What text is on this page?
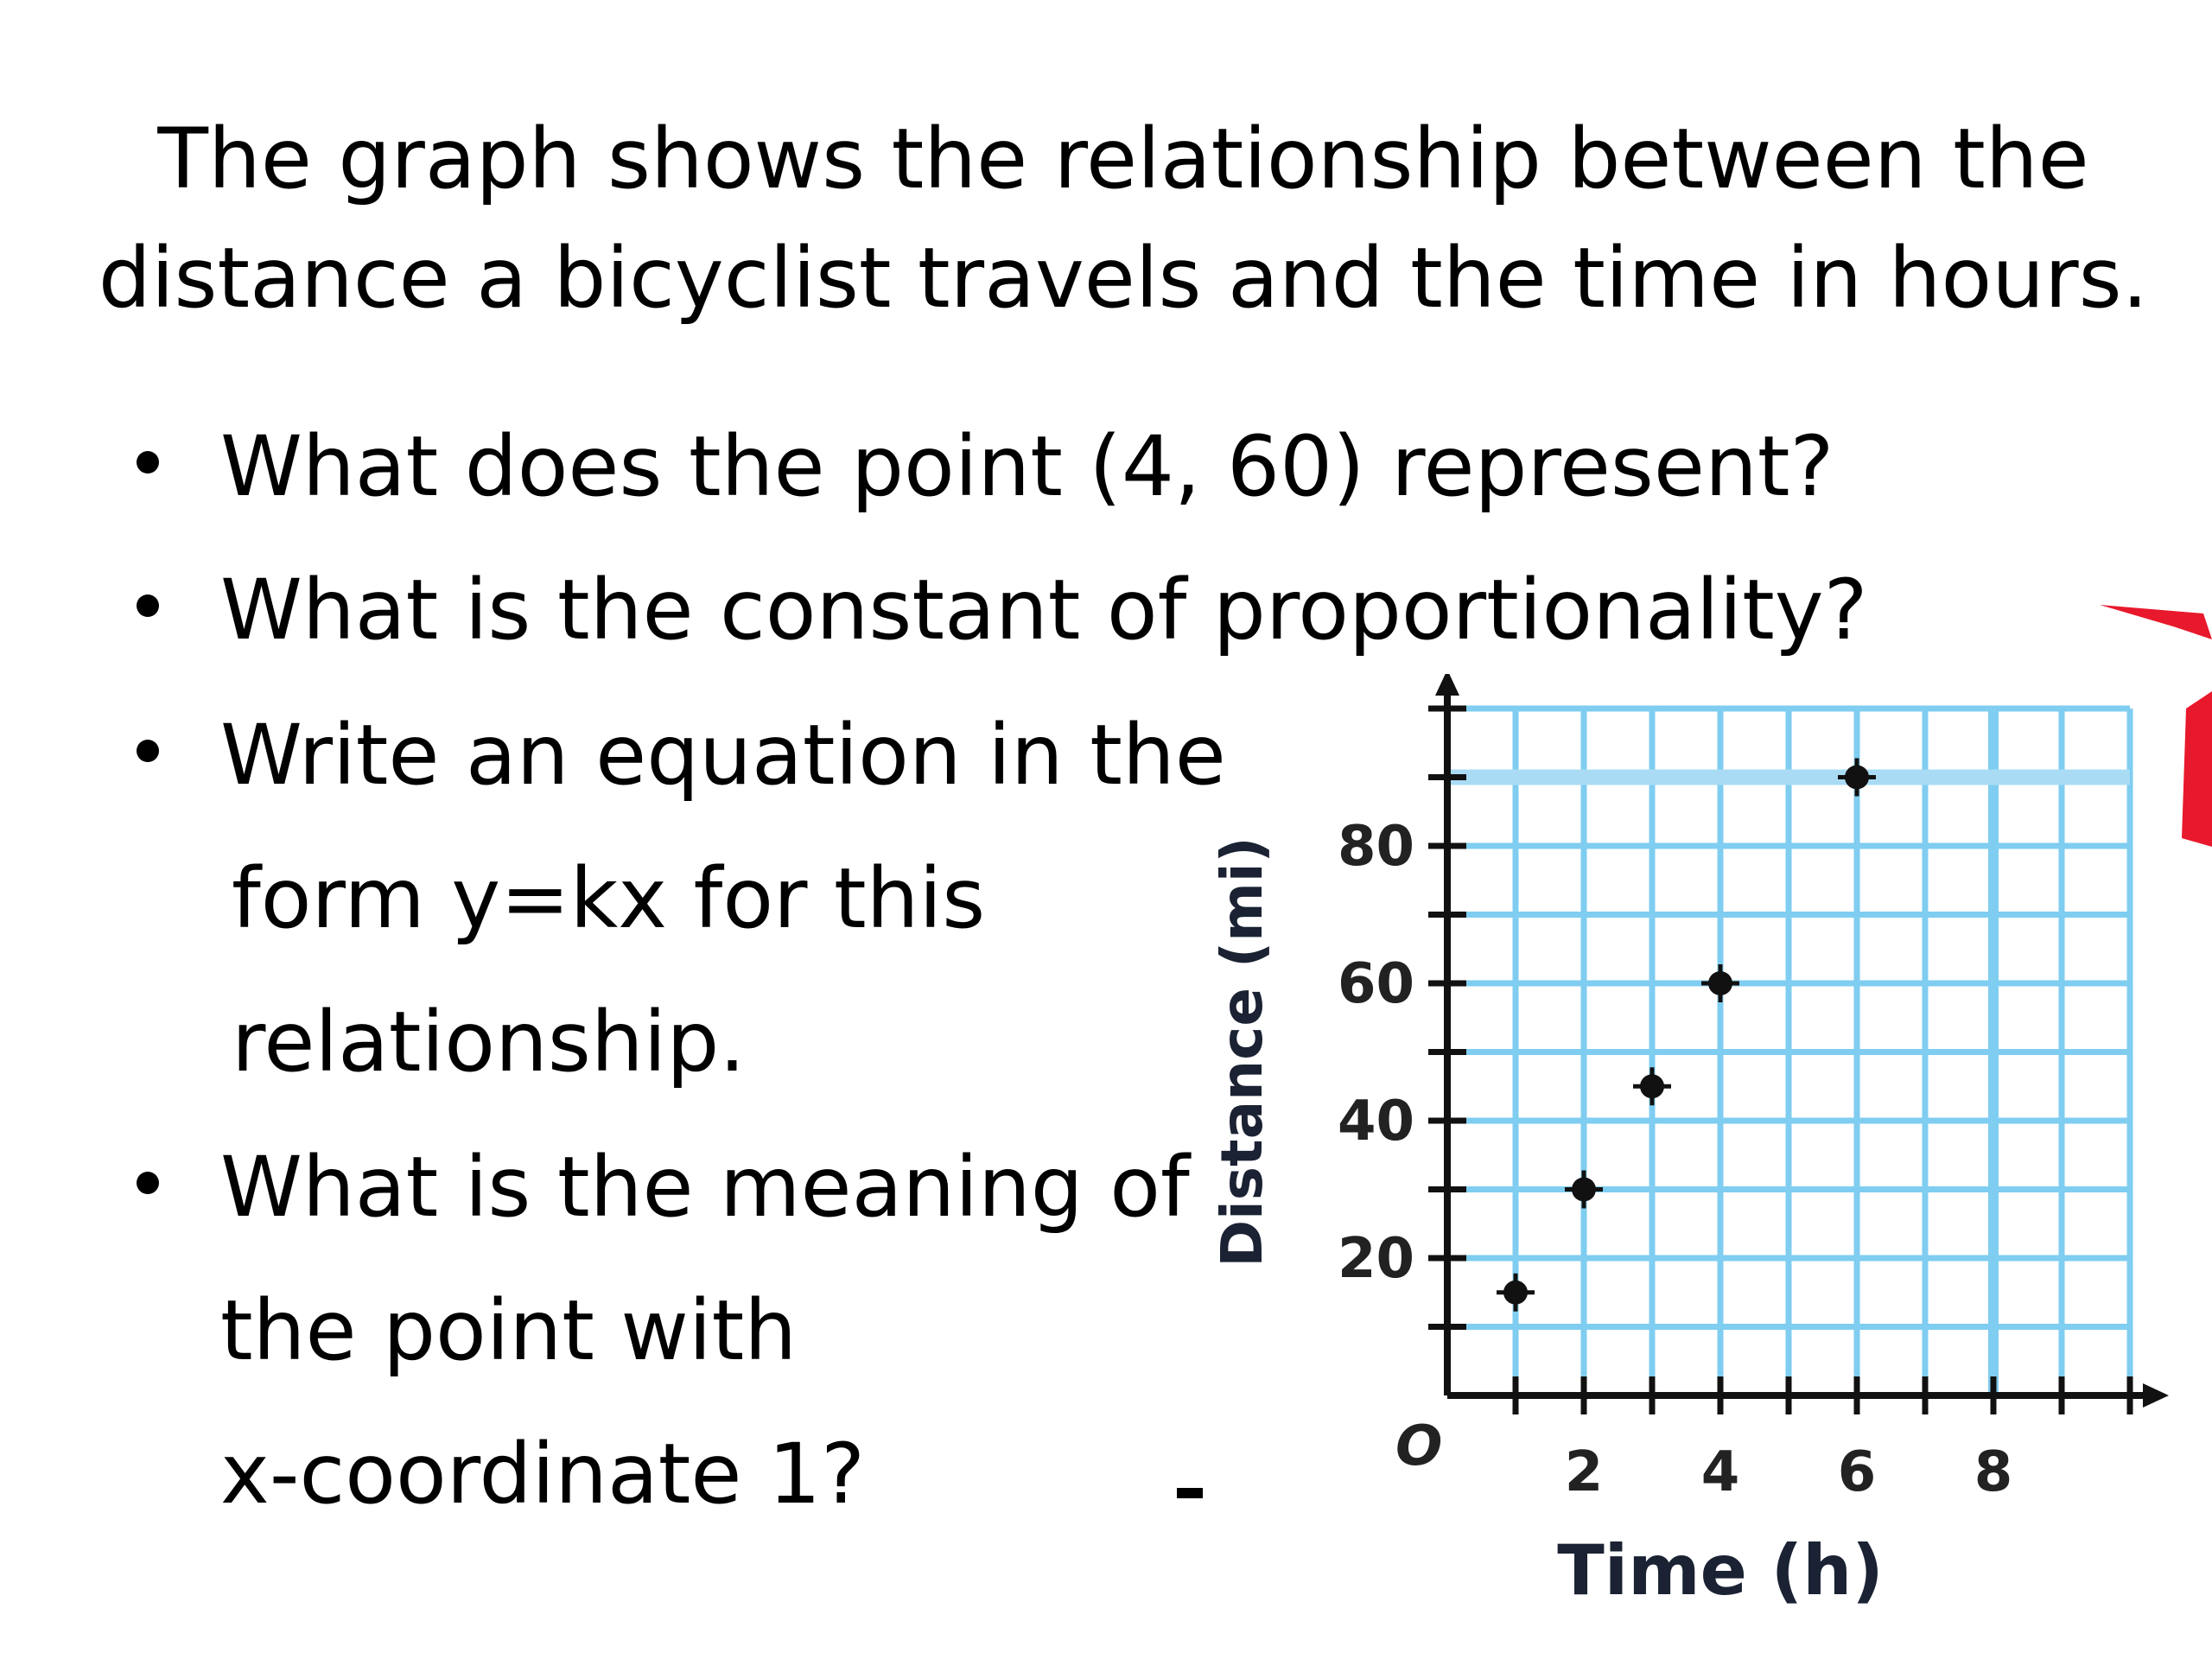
The graph shows the relationship between the
distance a bicyclist travels and the time in hours.
What does the point (4, 60) represent?
What is the constant of proportionality?
Write an equation in the
form y=kx for this
relationship.
What is the meaning of
the point with
x-coordinate 1?	2 4 6 8
20
40
60
80
O
Time (h)
Distance (mi)
